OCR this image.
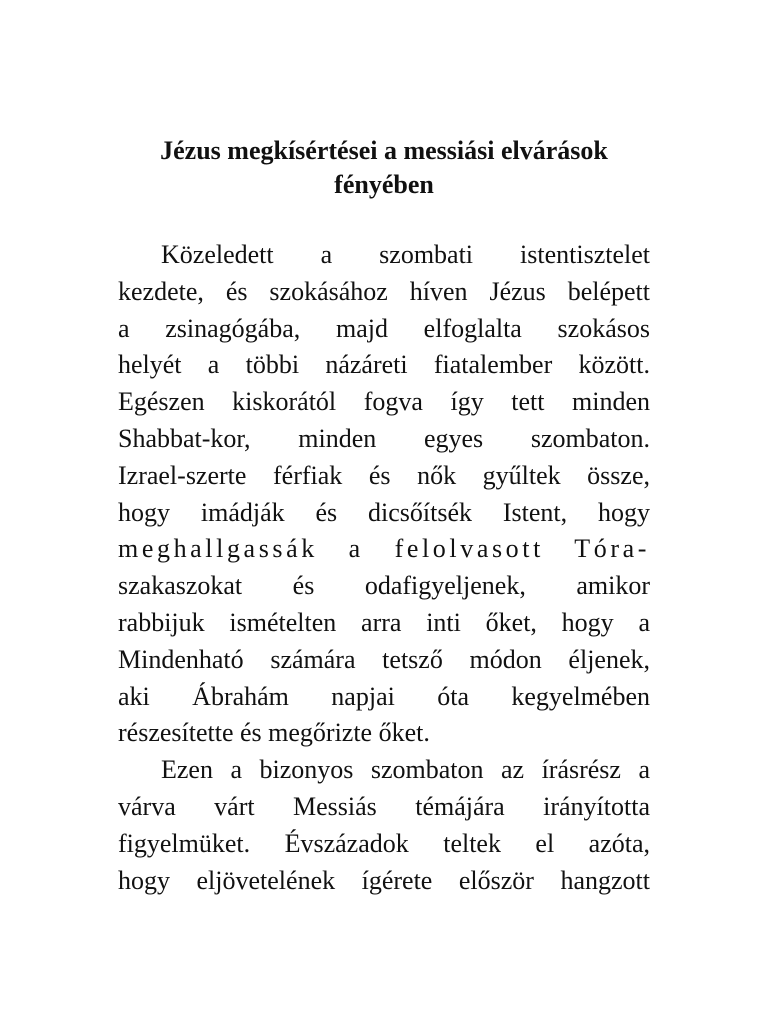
Jézus megkísértései a messiási elvárások
fényében
Közeledett a szombati istentisztelet
kezdete, és szokásához híven Jézus belépett
a zsinagógába, majd elfoglalta szokásos
helyét a többi názáreti fiatalember között.
Egészen kiskorától fogva így tett minden
Shabbat-kor, minden egyes szombaton.
Izrael-szerte férfiak és nők gyűltek össze,
hogy imádják és dicsőítsék Istent, hogy
meghallgassák a felolvasott Tóra-
szakaszokat és odafigyeljenek, amikor
rabbijuk ismételten arra inti őket, hogy a
Mindenható számára tetsző módon éljenek,
aki Ábrahám napjai óta kegyelmében
részesítette és megőrizte őket.
Ezen a bizonyos szombaton az írásrész a
várva várt Messiás témájára irányította
figyelmüket. Évszázadok teltek el azóta,
hogy eljövetelének ígérete először hangzott
